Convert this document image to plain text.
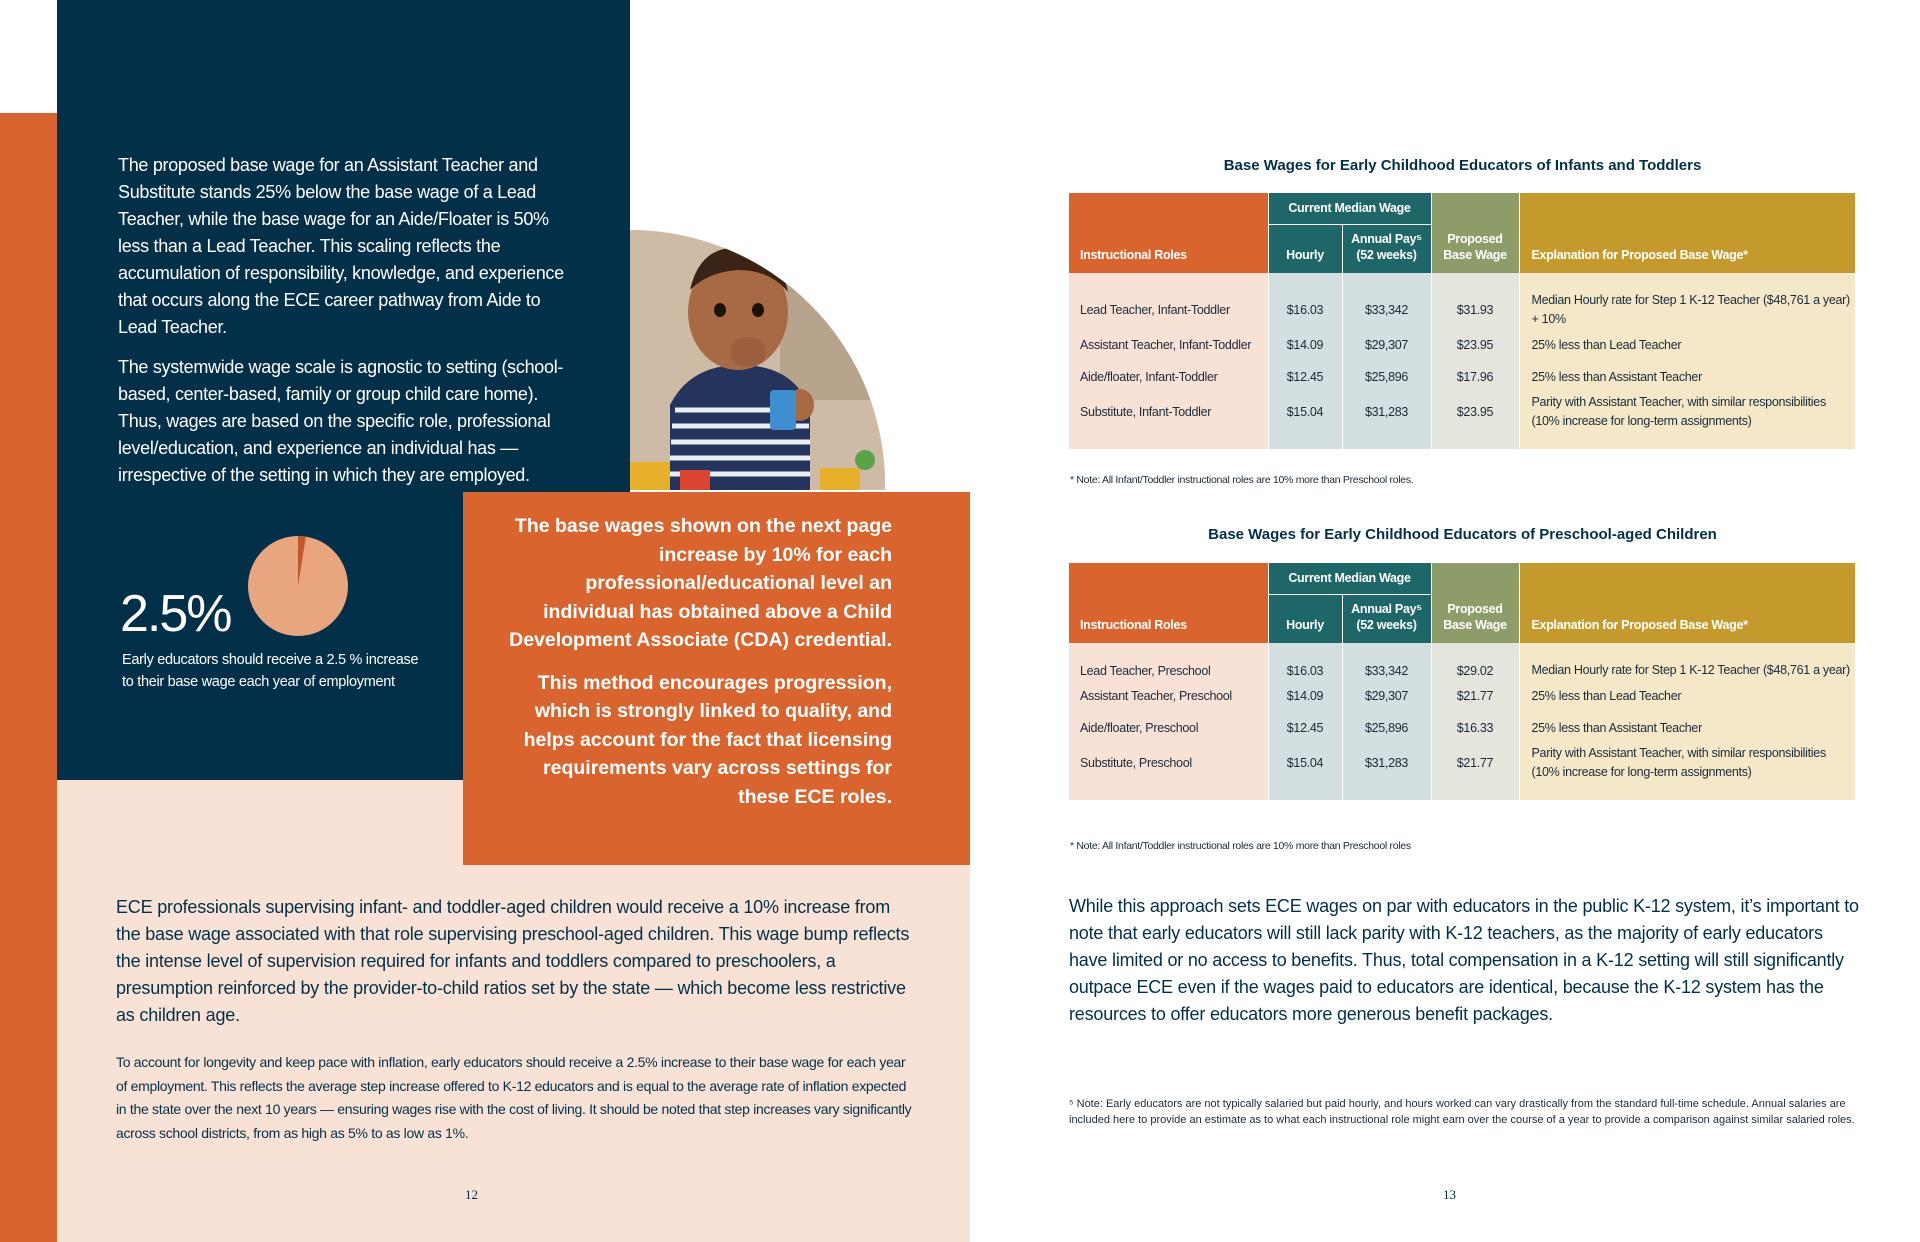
The proposed base wage for an Assistant Teacher and Substitute stands 25% below the base wage of a Lead Teacher, while the base wage for an Aide/Floater is 50% less than a Lead Teacher. This scaling reflects the accumulation of responsibility, knowledge, and experience that occurs along the ECE career pathway from Aide to Lead Teacher.

The systemwide wage scale is agnostic to setting (school-based, center-based, family or group child care home). Thus, wages are based on the specific role, professional level/education, and experience an individual has — irrespective of the setting in which they are employed.

2.5%
Early educators should receive a 2.5 % increase to their base wage each year of employment

The base wages shown on the next page increase by 10% for each professional/educational level an individual has obtained above a Child Development Associate (CDA) credential.

This method encourages progression, which is strongly linked to quality, and helps account for the fact that licensing requirements vary across settings for these ECE roles.

ECE professionals supervising infant- and toddler-aged children would receive a 10% increase from the base wage associated with that role supervising preschool-aged children. This wage bump reflects the intense level of supervision required for infants and toddlers compared to preschoolers, a presumption reinforced by the provider-to-child ratios set by the state — which become less restrictive as children age.
To account for longevity and keep pace with inflation, early educators should receive a 2.5% increase to their base wage for each year of employment. This reflects the average step increase offered to K-12 educators and is equal to the average rate of inflation expected in the state over the next 10 years — ensuring wages rise with the cost of living. It should be noted that step increases vary significantly across school districts, from as high as 5% to as low as 1%.
12
Base Wages for Early Childhood Educators of Infants and Toddlers
Instructional Roles	Current Median Wage		Proposed Base Wage	Explanation for Proposed Base Wage*
	Hourly	Annual Pay⁵ (52 weeks)		
Lead Teacher, Infant-Toddler	$16.03	$33,342	$31.93	Median Hourly rate for Step 1 K-12 Teacher ($48,761 a year) + 10%
Assistant Teacher, Infant-Toddler	$14.09	$29,307	$23.95	25% less than Lead Teacher
Aide/floater, Infant-Toddler	$12.45	$25,896	$17.96	25% less than Assistant Teacher
Substitute, Infant-Toddler	$15.04	$31,283	$23.95	Parity with Assistant Teacher, with similar responsibilities (10% increase for long-term assignments)
* Note: All Infant/Toddler instructional roles are 10% more than Preschool roles.
Base Wages for Early Childhood Educators of Preschool-aged Children
Instructional Roles	Current Median Wage		Proposed Base Wage	Explanation for Proposed Base Wage*
	Hourly	Annual Pay⁵ (52 weeks)		
Lead Teacher, Preschool	$16.03	$33,342	$29.02	Median Hourly rate for Step 1 K-12 Teacher ($48,761 a year)
Assistant Teacher, Preschool	$14.09	$29,307	$21.77	25% less than Lead Teacher
Aide/floater, Preschool	$12.45	$25,896	$16.33	25% less than Assistant Teacher
Substitute, Preschool	$15.04	$31,283	$21.77	Parity with Assistant Teacher, with similar responsibilities (10% increase for long-term assignments)
* Note: All Infant/Toddler instructional roles are 10% more than Preschool roles
While this approach sets ECE wages on par with educators in the public K-12 system, it’s important to note that early educators will still lack parity with K-12 teachers, as the majority of early educators have limited or no access to benefits. Thus, total compensation in a K-12 setting will still significantly outpace ECE even if the wages paid to educators are identical, because the K-12 system has the resources to offer educators more generous benefit packages.
⁵ Note: Early educators are not typically salaried but paid hourly, and hours worked can vary drastically from the standard full-time schedule. Annual salaries are included here to provide an estimate as to what each instructional role might earn over the course of a year to provide a comparison against similar salaried roles.
13
